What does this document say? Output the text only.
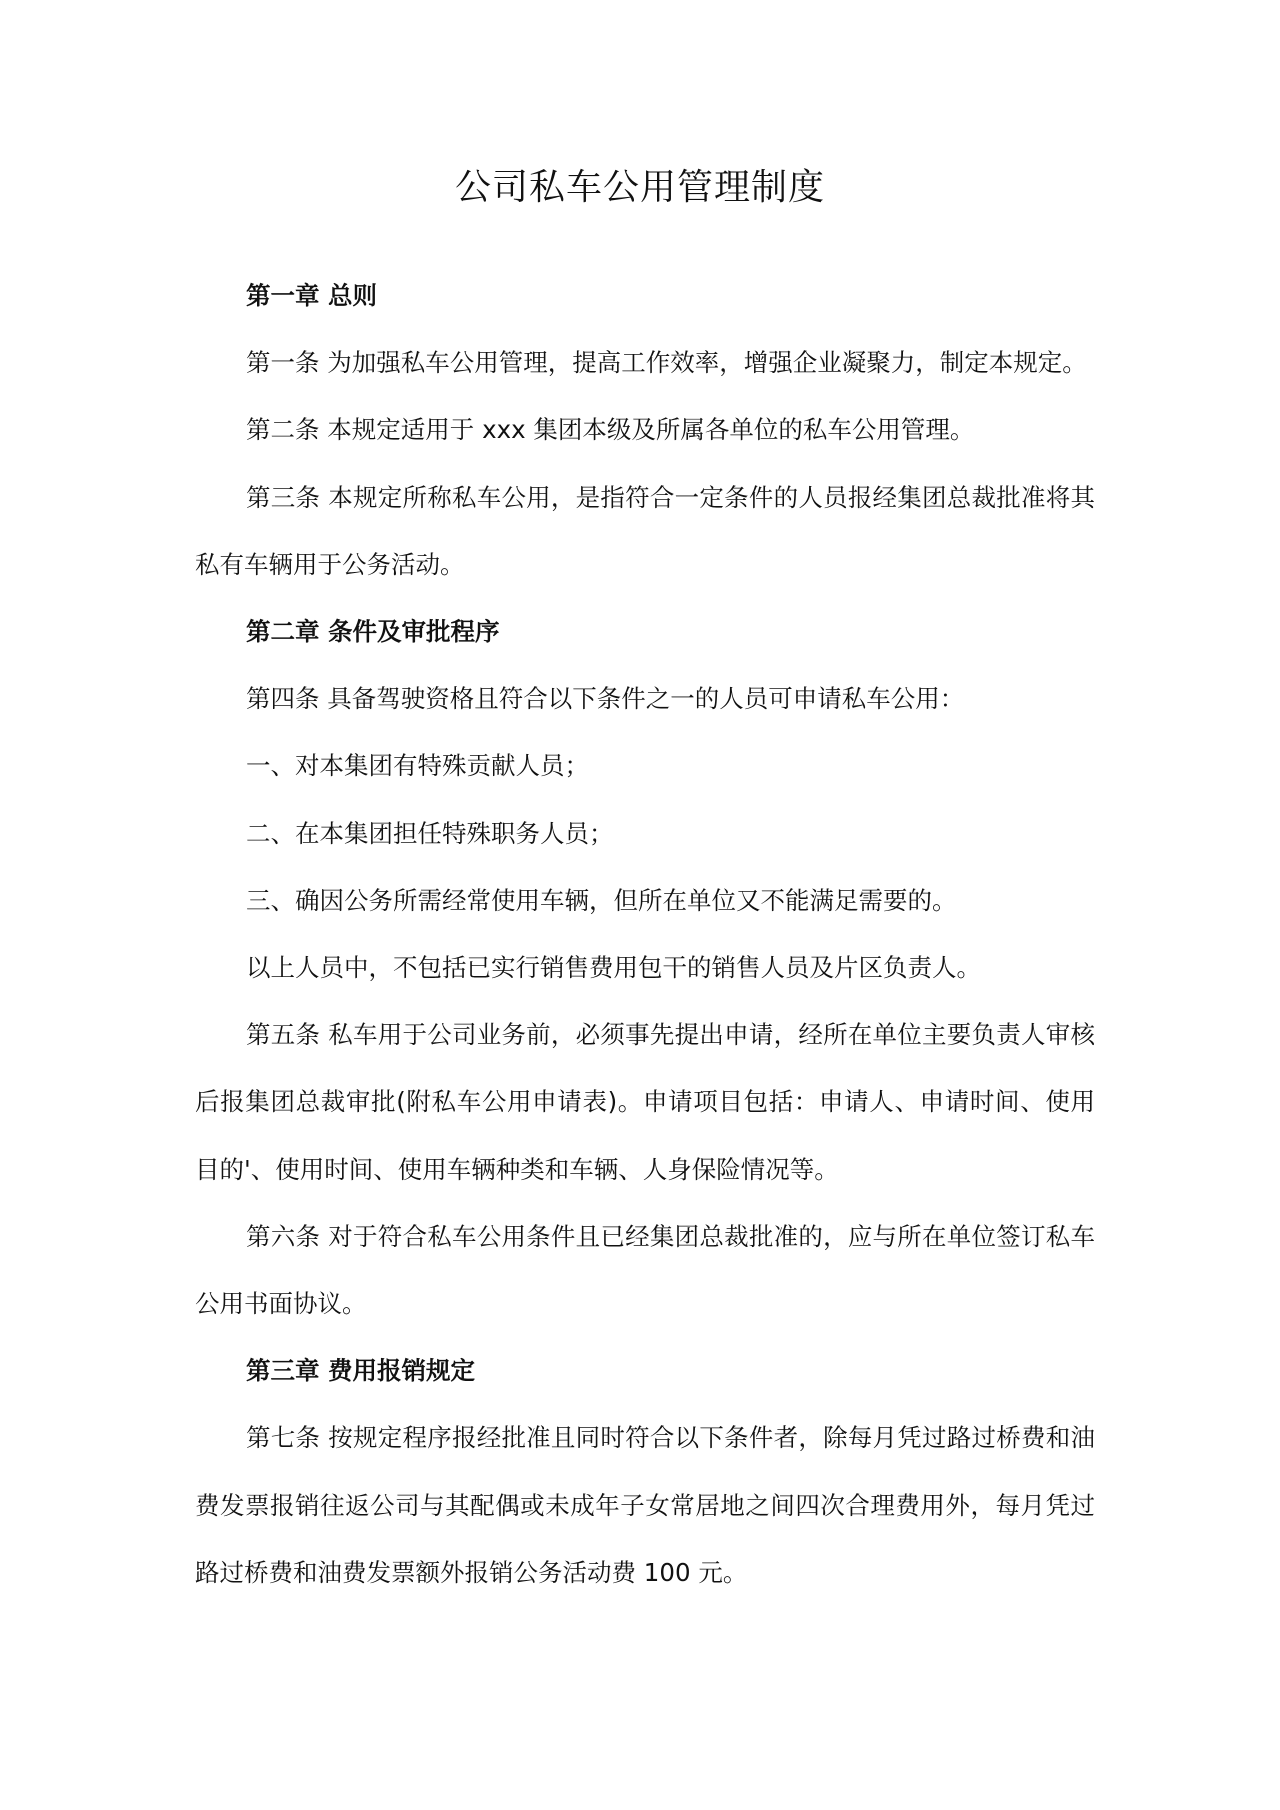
公司私车公用管理制度

第一章 总则

第一条 为加强私车公用管理，提高工作效率，增强企业凝聚力，制定本规定。

第二条 本规定适用于 xxx 集团本级及所属各单位的私车公用管理。

第三条 本规定所称私车公用，是指符合一定条件的人员报经集团总裁批准将其私有车辆用于公务活动。

第二章 条件及审批程序

第四条 具备驾驶资格且符合以下条件之一的人员可申请私车公用：

一、对本集团有特殊贡献人员；

二、在本集团担任特殊职务人员；

三、确因公务所需经常使用车辆，但所在单位又不能满足需要的。

以上人员中，不包括已实行销售费用包干的销售人员及片区负责人。

第五条 私车用于公司业务前，必须事先提出申请，经所在单位主要负责人审核后报集团总裁审批(附私车公用申请表)。申请项目包括：申请人、申请时间、使用目的'、使用时间、使用车辆种类和车辆、人身保险情况等。

第六条 对于符合私车公用条件且已经集团总裁批准的，应与所在单位签订私车公用书面协议。

第三章 费用报销规定

第七条 按规定程序报经批准且同时符合以下条件者，除每月凭过路过桥费和油费发票报销往返公司与其配偶或未成年子女常居地之间四次合理费用外，每月凭过路过桥费和油费发票额外报销公务活动费 100 元。
